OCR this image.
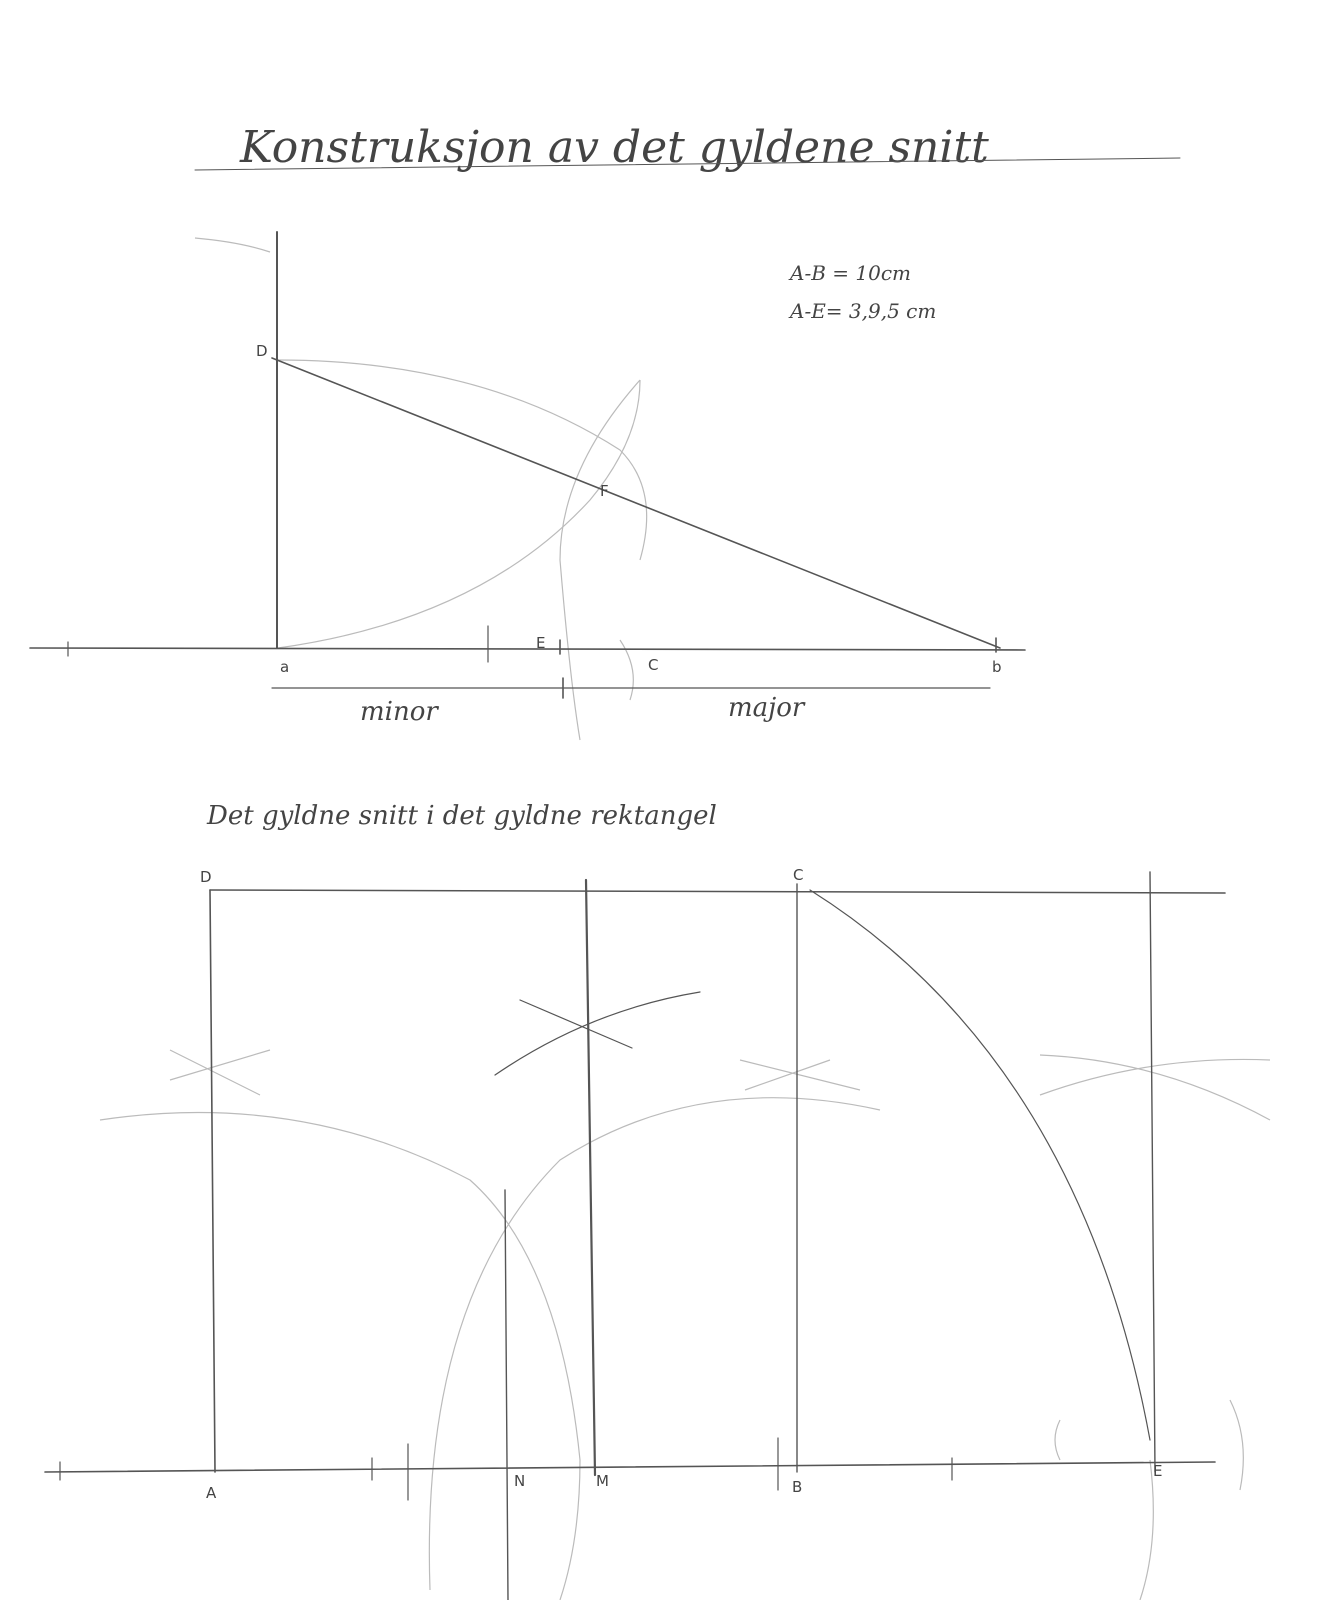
Konstruksjon av det gyldene snitt
A-B = 10cm
A-E= 3,9,5 cm
D
F
E
C
a	b
minor	major
Det gyldne snitt i det gyldne rektangel
D	C
A
N	M	B
E
